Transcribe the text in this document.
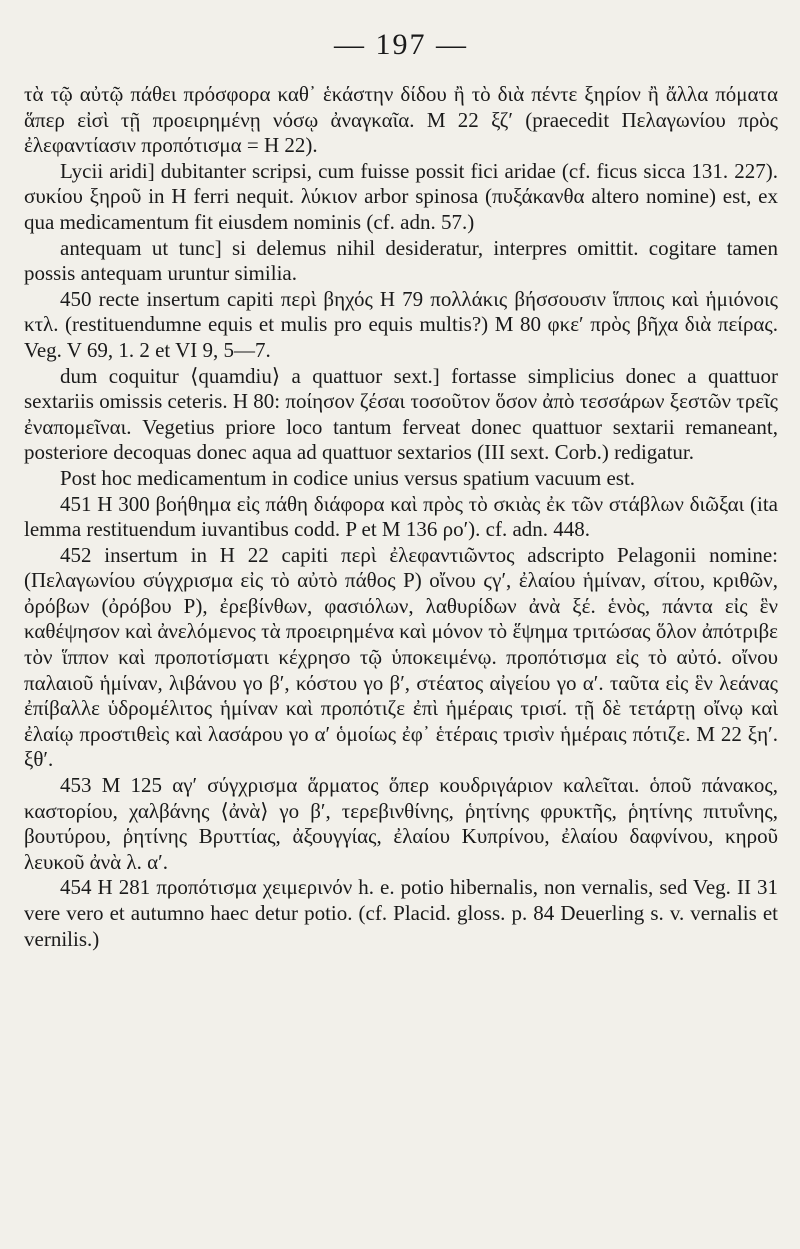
— 197 —

τὰ τῷ αὐτῷ πάθει πρόσφορα καθ᾽ ἑκάστην δίδου ἢ τὸ διὰ πέντε ξηρίον ἢ ἄλλα πόματα ἅπερ εἰσὶ τῇ προειρημένῃ νόσῳ ἀναγκαῖα. M 22 ξζʹ (praecedit Πελαγωνίου πρὸς ἐλεφαντίασιν προπότισμα = H 22).

Lycii aridi] dubitanter scripsi, cum fuisse possit fici aridae (cf. ficus sicca 131. 227). συκίου ξηροῦ in H ferri nequit. λύκιον arbor spinosa (πυξάκανθα altero nomine) est, ex qua medicamentum fit eiusdem nominis (cf. adn. 57.)

antequam ut tunc] si delemus nihil desideratur, interpres omittit. cogitare tamen possis antequam uruntur similia.

450 recte insertum capiti περὶ βηχός H 79 πολλάκις βήσσουσιν ἵπποις καὶ ἡμιόνοις κτλ. (restituendumne equis et mulis pro equis multis?) M 80 φκεʹ πρὸς βῆχα διὰ πείρας. Veg. V 69, 1. 2 et VI 9, 5—7.

dum coquitur ⟨quamdiu⟩ a quattuor sext.] fortasse simplicius donec a quattuor sextariis omissis ceteris. H 80: ποίησον ζέσαι τοσοῦτον ὅσον ἀπὸ τεσσάρων ξεστῶν τρεῖς ἐναπομεῖναι. Vegetius priore loco tantum ferveat donec quattuor sextarii remaneant, posteriore decoquas donec aqua ad quattuor sextarios (III sext. Corb.) redigatur.

Post hoc medicamentum in codice unius versus spatium vacuum est.

451 H 300 βοήθημα εἰς πάθη διάφορα καὶ πρὸς τὸ σκιὰς ἐκ τῶν στάβλων διῶξαι (ita lemma restituendum iuvantibus codd. P et M 136 ροʹ). cf. adn. 448.

452 insertum in H 22 capiti περὶ ἐλεφαντιῶντος adscripto Pelagonii nomine: (Πελαγωνίου σύγχρισμα εἰς τὸ αὐτὸ πάθος P) οἴνου ϛγʹ, ἐλαίου ἡμίναν, σίτου, κριθῶν, ὀρόβων (ὀρόβου P), ἐρεβίνθων, φασιόλων, λαθυρίδων ἀνὰ ξέ. ἑνὸς, πάντα εἰς ἓν καθέψησον καὶ ἀνελόμενος τὰ προειρημένα καὶ μόνον τὸ ἕψημα τριτώσας ὅλον ἀπότριβε τὸν ἵππον καὶ προποτίσματι κέχρησο τῷ ὑποκειμένῳ. προπότισμα εἰς τὸ αὐτό. οἴνου παλαιοῦ ἡμίναν, λιβάνου γο βʹ, κόστου γο βʹ, στέατος αἰγείου γο αʹ. ταῦτα εἰς ἓν λεάνας ἐπίβαλλε ὑδρομέλιτος ἡμίναν καὶ προπότιζε ἐπὶ ἡμέραις τρισί. τῇ δὲ τετάρτῃ οἴνῳ καὶ ἐλαίῳ προστιθεὶς καὶ λασάρου γο αʹ ὁμοίως ἐφ᾽ ἑτέραις τρισὶν ἡμέραις πότιζε. M 22 ξηʹ. ξθʹ.

453 M 125 αγʹ σύγχρισμα ἅρματος ὅπερ κουδριγάριον καλεῖται. ὁποῦ πάνακος, καστορίου, χαλβάνης ⟨ἀνὰ⟩ γο βʹ, τερεβινθίνης, ῥητίνης φρυκτῆς, ῥητίνης πιτυΐνης, βουτύρου, ῥητίνης Βρυττίας, ἀξουγγίας, ἐλαίου Κυπρίνου, ἐλαίου δαφνίνου, κηροῦ λευκοῦ ἀνὰ λ. αʹ.

454 H 281 προπότισμα χειμερινόν h. e. potio hibernalis, non vernalis, sed Veg. II 31 vere vero et autumno haec detur potio. (cf. Placid. gloss. p. 84 Deuerling s. v. vernalis et vernilis.)
